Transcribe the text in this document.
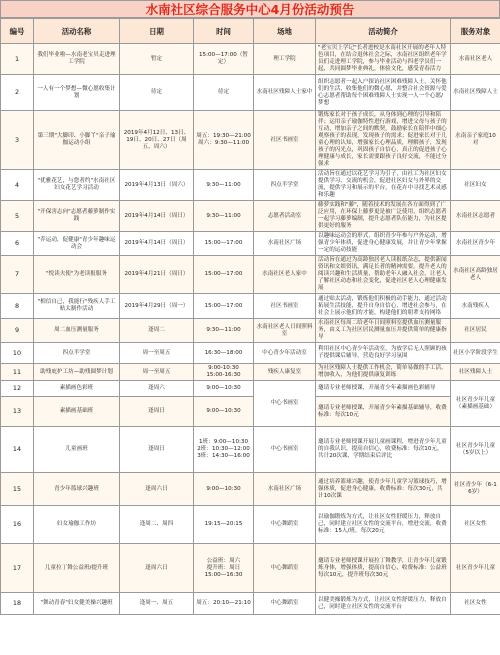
水南社区综合服务中心4月份活动预告
编号	活动名称	日期	时间	场地	活动简介	服务对象
1	我们毕业啦—水南老宝贝走进理工学院	暂定	15:00—17:00（暂定）	理工学院	"老宝贝上学记"长者进校是水南社区开展的老年人特色项目，在结合退休社会之际，水南社区组织老年学员们走进理工学院，参与毕业活动与四老学员们一起，共同圆梦毕业典礼，体验文化，感受青春活力	水南社区老人
2	一人有一个梦想—微心愿收集计划	待定	待定	水南社区残障人士家中	组织志愿者一起入户探访社区困难残障人士，关怀他们的生活，收集他们的微心愿，并整合社会资源与爱心志愿者帮助每个困难残障人士实现一人一个心愿/梦想	水南社区残障人士
3	第三期"大脚印、小脚丫"亲子瑜伽运动小组	2019年4月12日、13日、19日、20日、27日（周五、周六）	周五：19:30—21:00
周六：9:30—11:00	社区书画室	锻炼家长对于孩子成长，从身体到心理的引导和陪伴；运用亲子瑜伽特性进行游戏，增进父母与孩子的互动，增加亲子之间的默契，鼓励家长在陪伴中细心观察孩子的表现，发现孩子的需求；促进家长对于儿童心理的认知，增强家长心理品质，理解孩子，发现孩子的闪光点，巩固孩子自信心，真正的促进孩子心理健康与成长，家长需要跟孩子良好交流，不能过分强求	水南亲子家庭10对
4	"优雅花艺，与您者约"水南社区妇女花艺学习活动	2019年4月13日（周六）	9:30—11:00	四点半学堂	活动旨在通过以花艺学习为引子，由社工为社区妇女提供学习、交流的机会，促进社区妇女与外界的交流，提供学习和展示的平台，在花卉中寻找艺术灵感和乐趣	社区妇女
5	"开保害志向"志愿者藤萝制作实践	2019年4月14日（周日）	9:30—11:00	志愿者活动室	藤萝实践和"藤"，随着技术的发展在各方面得到了广泛应用，在环保上藤萝更是被广泛使用，组织志愿者一起学习藤萝编制，提升志愿者队伍能力，为社区提供更好的服务	水南社区志愿者
6	"乔运动，促健康"青少年趣味运动会	2019年4月14日（周日）	15:00—17:00	水南社区广场	以趣味运动会的形式，组织青少年参与户外运动，增强青少年体质，促进身心健康发展，并让青少年掌握一定的运动技能	水南社区青少年
7	"悦读夫使"为老读报服务	2019年4月21日（周日）	15:00—17:00	水南社区老人家中	活动旨在通过为高龄独居老人读报纸杂志，提供新闻资讯和文娱资讯，满足长者的精神需要，提升老人的阅读兴趣和生活质量，帮助老年人融入社会，让老人了解社区动态和社会变化，促进社区老人心理健康发展	水南社区高龄独居老人
8	"相信自己，我能行"残疾人手工贴太制作活动	2019年4月29日（周一）	15:00—17:00	社区书画室	通过贴太活动，锻炼他们积极的动手能力，通过活动拓展生活技能，提升自身自信心，增进社会参与，在社会上展示他们的才能，构建他们的朋辈支持网络	水南残疾人
9	周二血压测量服务	逢周二	9:30—11:00	水南社区老人日间照料室	水南社区每周二给老年日间照料室提供血压测量服务，由义工为社区居民测量血压并提供简单的健康指导	社区居民
10	四点半学堂	周一至周五	16:30—18:00	中心青少年活动室	利用社区中心青少年活动室，为放学后无人照顾的孩子提供课后辅导，营造良好学习氛围	社区小学阶段学生
11	助残庇护工坊—助残圆梦计划	周一至周五	9:00-10:30
15:00-16:30	残疾人康复室	为社区残障人士提供工作机会，简单易做的手工活，增加收入，为他们提供康复训练	社区残障人士
12	素描画色彩班	逢周六	9:00—10:30	中心书画室	邀请专业老师授课，开展青少年素描画色彩辅导	社区青少年儿童（素描画基础）
13	素描画基础班	逢周日	9:00—10:30		邀请专业老师授课，开展青少年素描基础辅导，收费标准：每次10元	
14	儿童画班	逢周日	1班：9:00—10:30
2班：10:30—12:00
3班：14:30—16:00	中心书画室	邀请专业老师授课开展儿童画课程，增进青少年儿童的自我认识，提高自信心，收费标准：每次10元，共计20次课，学期结束后评比	社区青少年儿童（5岁以上）
15	青少年篮球兴趣班	逢周六日	9:00—10:30	水南社区广场	通过培养篮球兴趣，使青少年儿童学习篮球技巧，增强体质，促进身心健康，收费标准：每次30元，共计10次课	社区青少年（6-16岁）
16	妇女瑜伽工作坊	逢周二、周四	19:15—20:15	中心舞蹈室	以瑜伽锻炼为方式，让社区女性舒缓压力，释放自己，同时建立社区女性的交流平台，增进交流，收费标准：15人/班，每次20元	社区女性
17	儿童拉丁舞公益班/提升班	逢周六日	公益班：周六
提升班：周日
15:00—16:30	中心舞蹈室	邀请专业老师授课开展拉丁舞教学，让青少年儿童锻炼身体，增强体质，提高自信心，收费标准：公益班每次10元，提升班每次30元	社区青少年儿童
18	"舞动青春"妇女健美操兴趣班	逢周一、周五	周五：20:10—21:10	中心舞蹈室	以健美操锻炼为方式，让社区女性舒缓压力，释放自己，同时建立社区女性的交流平台	社区女性
